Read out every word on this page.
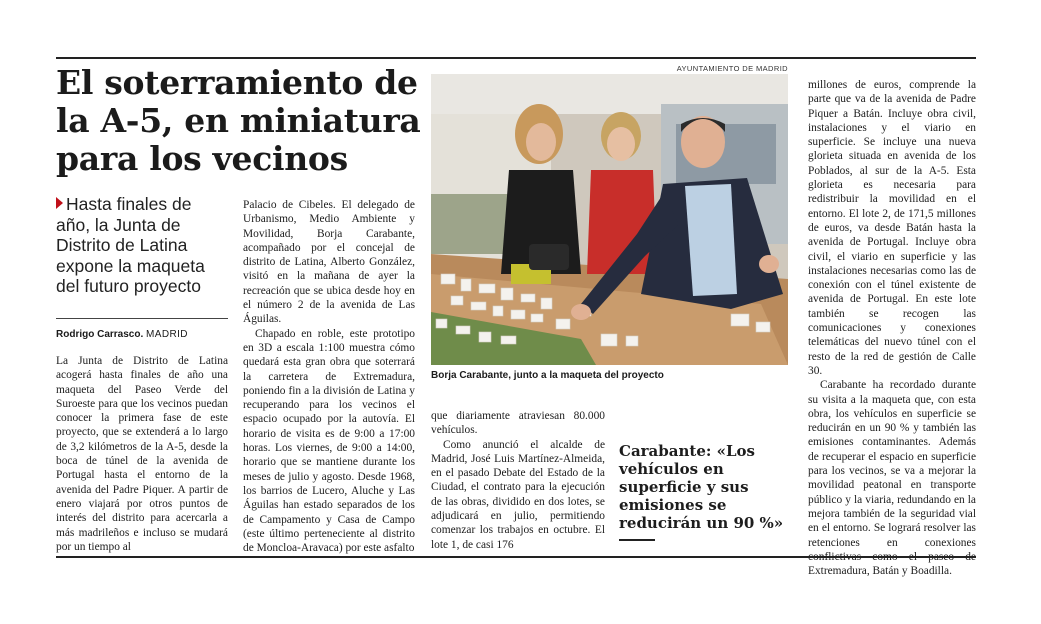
El soterramiento de la A-5, en miniatura para los vecinos
Hasta finales de año, la Junta de Distrito de Latina expone la maqueta del futuro proyecto
Rodrigo Carrasco. MADRID

La Junta de Distrito de Latina acogerá hasta finales de año una maqueta del Paseo Verde del Suroeste para que los vecinos puedan conocer la primera fase de este proyecto, que se extenderá a lo largo de 3,2 kilómetros de la A-5, desde la boca de túnel de la avenida de Portugal hasta el entorno de la avenida del Padre Piquer. A partir de enero viajará por otros puntos de interés del distrito para acercarla a más madrileños e incluso se mudará por un tiempo al

Palacio de Cibeles. El delegado de Urbanismo, Medio Ambiente y Movilidad, Borja Carabante, acompañado por el concejal de distrito de Latina, Alberto González, visitó en la mañana de ayer la recreación que se ubica desde hoy en el número 2 de la avenida de Las Águilas.

Chapado en roble, este prototipo en 3D a escala 1:100 muestra cómo quedará esta gran obra que soterrará la carretera de Extremadura, poniendo fin a la división de Latina y recuperando para los vecinos el espacio ocupado por la autovía. El horario de visita es de 9:00 a 17:00 horas. Los viernes, de 9:00 a 14:00, horario que se mantiene durante los meses de julio y agosto. Desde 1968, los barrios de Lucero, Aluche y Las Águilas han estado separados de los de Campamento y Casa de Campo (este último perteneciente al distrito de Moncloa-Aravaca) por este asfalto

AYUNTAMIENTO DE MADRID
Borja Carabante, junto a la maqueta del proyecto

que diariamente atraviesan 80.000 vehículos.

Como anunció el alcalde de Madrid, José Luis Martínez-Almeida, en el pasado Debate del Estado de la Ciudad, el contrato para la ejecución de las obras, dividido en dos lotes, se adjudicará en julio, permitiendo comenzar los trabajos en octubre. El lote 1, de casi 176

Carabante: «Los vehículos en superficie y sus emisiones se reducirán un 90 %»

millones de euros, comprende la parte que va de la avenida de Padre Piquer a Batán. Incluye obra civil, instalaciones y el viario en superficie. Se incluye una nueva glorieta situada en avenida de los Poblados, al sur de la A-5. Esta glorieta es necesaria para redistribuir la movilidad en el entorno. El lote 2, de 171,5 millones de euros, va desde Batán hasta la avenida de Portugal. Incluye obra civil, el viario en superficie y las instalaciones necesarias como las de conexión con el túnel existente de avenida de Portugal. En este lote también se recogen las comunicaciones y conexiones telemáticas del nuevo túnel con el resto de la red de gestión de Calle 30.

Carabante ha recordado durante su visita a la maqueta que, con esta obra, los vehículos en superficie se reducirán en un 90 % y también las emisiones contaminantes. Además de recuperar el espacio en superficie para los vecinos, se va a mejorar la movilidad peatonal en transporte público y la viaria, redundando en la mejora también de la seguridad vial en el entorno. Se logrará resolver las retenciones en conexiones Extremadura, Batán y Boadilla.
